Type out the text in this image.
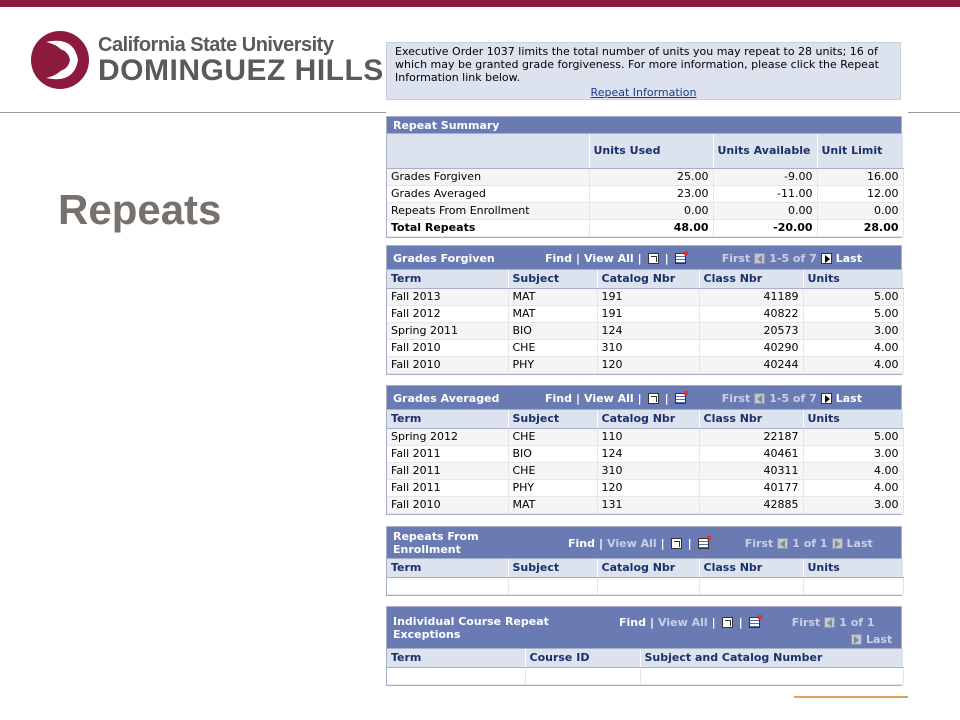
California State University
DOMINGUEZ HILLS
Repeats
Executive Order 1037 limits the total number of units you may repeat to 28 units; 16 of which may be granted grade forgiveness. For more information, please click the Repeat Information link below.
Repeat Information
Repeat Summary
	Units Used	Units Available	Unit Limit
Grades Forgiven	25.00	-9.00	16.00
Grades Averaged	23.00	-11.00	12.00
Repeats From Enrollment	0.00	0.00	0.00
Total Repeats	48.00	-20.00	28.00
Grades Forgiven	Find | View All | |	First 1-5 of 7 Last
Term	Subject	Catalog Nbr	Class Nbr	Units
Fall 2013	MAT	191	41189	5.00
Fall 2012	MAT	191	40822	5.00
Spring 2011	BIO	124	20573	3.00
Fall 2010	CHE	310	40290	4.00
Fall 2010	PHY	120	40244	4.00
Grades Averaged	Find | View All | |	First 1-5 of 7 Last
Term	Subject	Catalog Nbr	Class Nbr	Units
Spring 2012	CHE	110	22187	5.00
Fall 2011	BIO	124	40461	3.00
Fall 2011	CHE	310	40311	4.00
Fall 2011	PHY	120	40177	4.00
Fall 2010	MAT	131	42885	3.00
Repeats From
Enrollment	Find | View All | |	First 1 of 1 Last
Term	Subject	Catalog Nbr	Class Nbr	Units

Individual Course Repeat
Exceptions
Find | View All | |	First 1 of 1
Last
Term	Course ID	Subject and Catalog Number
